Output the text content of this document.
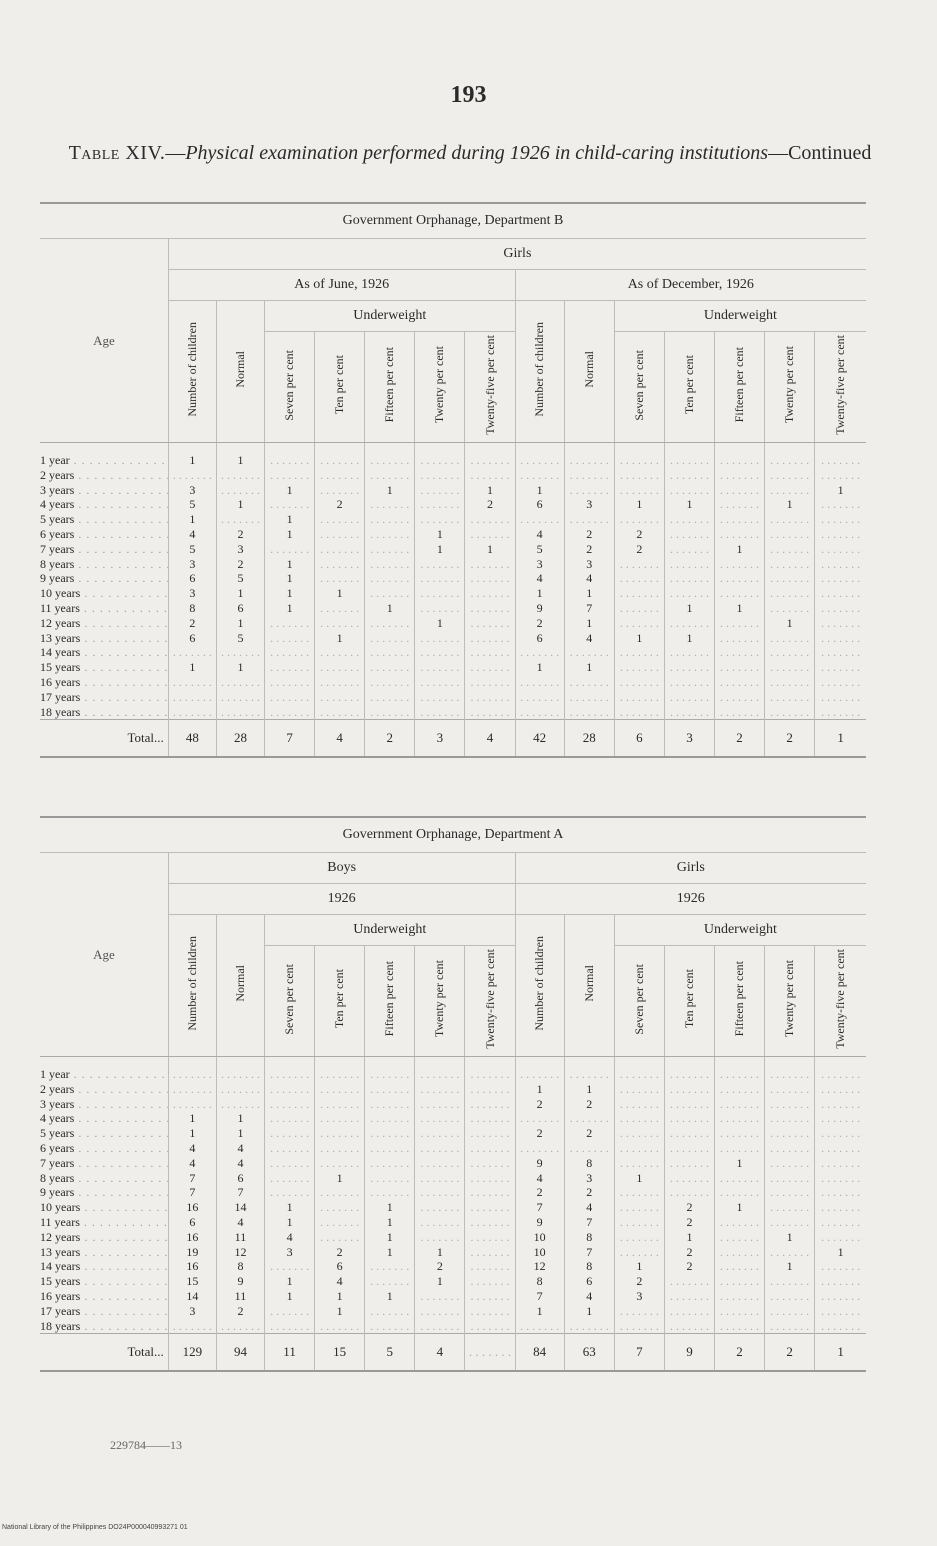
193
Table XIV.—Physical examination performed during 1926 in child-caring institutions—Continued
Government Orphanage, Department B														
Age	Girls													
	As of June, 1926							As of December, 1926						
	Number of children	Normal	Underweight					Number of children	Normal	Underweight				
			Seven per cent	Ten per cent	Fifteen per cent	Twenty per cent	Twenty-five per cent			Seven per cent	Ten per cent	Fifteen per cent	Twenty per cent	Twenty-five per cent

1 year . . .	1	1	. . .	. . .	. . .	. . .	. . .	. . .	. . .	. . .	. . .	. . .	. . .	. . .
2 years . . .	. . .	. . .	. . .	. . .	. . .	. . .	. . .	. . .	. . .	. . .	. . .	. . .	. . .	. . .
3 years . . .	3	. . .	1	. . .	1	. . .	1	1	. . .	. . .	. . .	. . .	. . .	1
4 years . . .	5	1	. . .	2	. . .	. . .	2	6	3	1	1	. . .	1	. . .
5 years . . .	1	. . .	1	. . .	. . .	. . .	. . .	. . .	. . .	. . .	. . .	. . .	. . .	. . .
6 years . . .	4	2	1	. . .	. . .	1	. . .	4	2	2	. . .	. . .	. . .	. . .
7 years . . .	5	3	. . .	. . .	. . .	1	1	5	2	2	. . .	1	. . .	. . .
8 years . . .	3	2	1	. . .	. . .	. . .	. . .	3	3	. . .	. . .	. . .	. . .	. . .
9 years . . .	6	5	1	. . .	. . .	. . .	. . .	4	4	. . .	. . .	. . .	. . .	. . .
10 years . . .	3	1	1	1	. . .	. . .	. . .	1	1	. . .	. . .	. . .	. . .	. . .
11 years . . .	8	6	1	. . .	1	. . .	. . .	9	7	. . .	1	1	. . .	. . .
12 years . . .	2	1	. . .	. . .	. . .	1	. . .	2	1	. . .	. . .	. . .	1	. . .
13 years . . .	6	5	. . .	1	. . .	. . .	. . .	6	4	1	1	. . .	. . .	. . .
14 years . . .	. . .	. . .	. . .	. . .	. . .	. . .	. . .	. . .	. . .	. . .	. . .	. . .	. . .	. . .
15 years . . .	1	1	. . .	. . .	. . .	. . .	. . .	1	1	. . .	. . .	. . .	. . .	. . .
16 years . . .	. . .	. . .	. . .	. . .	. . .	. . .	. . .	. . .	. . .	. . .	. . .	. . .	. . .	. . .
17 years . . .	. . .	. . .	. . .	. . .	. . .	. . .	. . .	. . .	. . .	. . .	. . .	. . .	. . .	. . .
18 years . . .	. . .	. . .	. . .	. . .	. . .	. . .	. . .	. . .	. . .	. . .	. . .	. . .	. . .	. . .
Total...	48	28	7	4	2	3	4	42	28	6	3	2	2	1
Government Orphanage, Department A														
Age	Boys							Girls						
	1926							1926						
	Number of children	Normal	Underweight					Number of children	Normal	Underweight				
			Seven per cent	Ten per cent	Fifteen per cent	Twenty per cent	Twenty-five per cent			Seven per cent	Ten per cent	Fifteen per cent	Twenty per cent	Twenty-five per cent

1 year . . .	. . .	. . .	. . .	. . .	. . .	. . .	. . .	. . .	. . .	. . .	. . .	. . .	. . .	. . .
2 years . . .	. . .	. . .	. . .	. . .	. . .	. . .	. . .	1	1	. . .	. . .	. . .	. . .	. . .
3 years . . .	. . .	. . .	. . .	. . .	. . .	. . .	. . .	2	2	. . .	. . .	. . .	. . .	. . .
4 years . . .	1	1	. . .	. . .	. . .	. . .	. . .	. . .	. . .	. . .	. . .	. . .	. . .	. . .
5 years . . .	1	1	. . .	. . .	. . .	. . .	. . .	2	2	. . .	. . .	. . .	. . .	. . .
6 years . . .	4	4	. . .	. . .	. . .	. . .	. . .	. . .	. . .	. . .	. . .	. . .	. . .	. . .
7 years . . .	4	4	. . .	. . .	. . .	. . .	. . .	9	8	. . .	. . .	1	. . .	. . .
8 years . . .	7	6	. . .	1	. . .	. . .	. . .	4	3	1	. . .	. . .	. . .	. . .
9 years . . .	7	7	. . .	. . .	. . .	. . .	. . .	2	2	. . .	. . .	. . .	. . .	. . .
10 years . . .	16	14	1	. . .	1	. . .	. . .	7	4	. . .	2	1	. . .	. . .
11 years . . .	6	4	1	. . .	1	. . .	. . .	9	7	. . .	2	. . .	. . .	. . .
12 years . . .	16	11	4	. . .	1	. . .	. . .	10	8	. . .	1	. . .	1	. . .
13 years . . .	19	12	3	2	1	1	. . .	10	7	. . .	2	. . .	. . .	1
14 years . . .	16	8	. . .	6	. . .	2	. . .	12	8	1	2	. . .	1	. . .
15 years . . .	15	9	1	4	. . .	1	. . .	8	6	2	. . .	. . .	. . .	. . .
16 years . . .	14	11	1	1	1	. . .	. . .	7	4	3	. . .	. . .	. . .	. . .
17 years . . .	3	2	. . .	1	. . .	. . .	. . .	1	1	. . .	. . .	. . .	. . .	. . .
18 years . . .	. . .	. . .	. . .	. . .	. . .	. . .	. . .	. . .	. . .	. . .	. . .	. . .	. . .	. . .
Total...	129	94	11	15	5	4	. . .	84	63	7	9	2	2	1
229784——13
National Library of the Philippines DO24P000040993271 01
